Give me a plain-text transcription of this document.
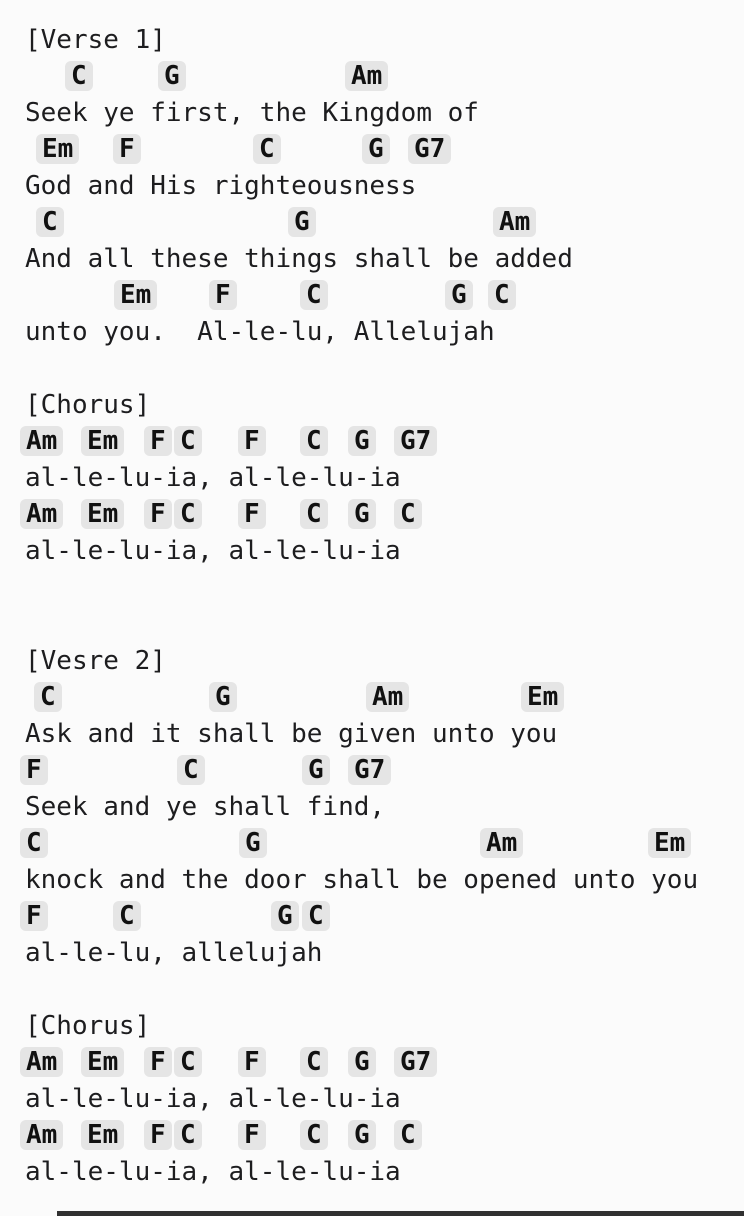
[Verse 1]
C	G	Am
Seek ye first, the Kingdom of
Em F	C	G G7
God and His righteousness
C	G	Am
And all these things shall be added
Em F	C	G C
unto you.  Al-le-lu, Allelujah
[Chorus]
Am Em F C F C G G7
al-le-lu-ia, al-le-lu-ia
Am Em F C F C G C
al-le-lu-ia, al-le-lu-ia
[Vesre 2]
C	G	Am	Em
Ask and it shall be given unto you
F	C	G G7
Seek and ye shall find,
C	G	Am	Em
knock and the door shall be opened unto you
F	C	G C
al-le-lu, allelujah
[Chorus]
Am Em F C F C G G7
al-le-lu-ia, al-le-lu-ia
Am Em F C F C G C
al-le-lu-ia, al-le-lu-ia
